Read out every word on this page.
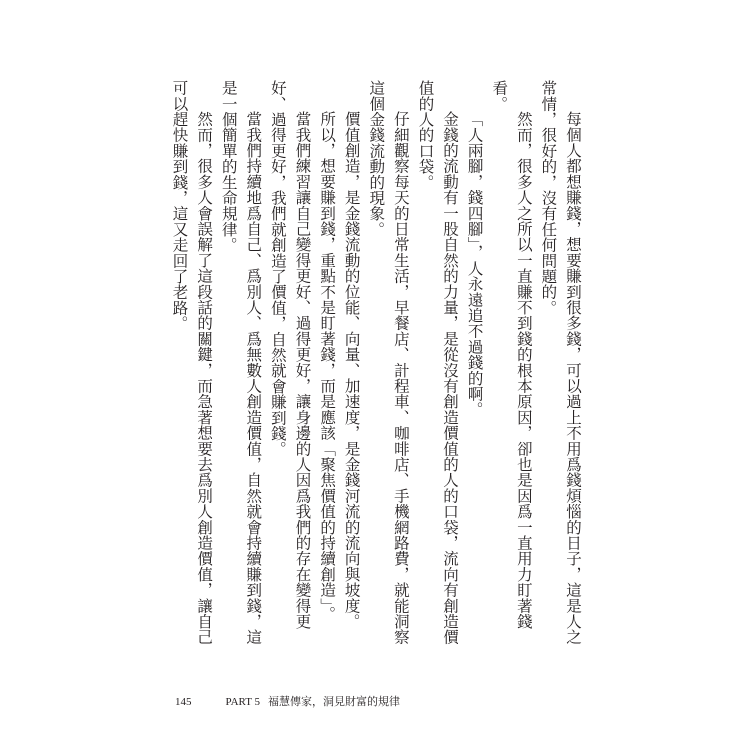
每個人都想賺錢，想要賺到很多錢，可以過上不用爲錢煩惱的日子，這是人之常情，很好的，沒有任何問題的。

然而，很多人之所以一直賺不到錢的根本原因，卻也是因爲一直用力盯著錢看。

「人兩腳，錢四腳」，人永遠追不過錢的啊。

金錢的流動有一股自然的力量，是從沒有創造價值的人的口袋，流向有創造價值的人的口袋。

仔細觀察每天的日常生活，早餐店、計程車、咖啡店、手機網路費，就能洞察這個金錢流動的現象。

價值創造，是金錢流動的位能、向量、加速度，是金錢河流的流向與坡度。

所以，想要賺到錢，重點不是盯著錢，而是應該「聚焦價值的持續創造」。

當我們練習讓自己變得更好、過得更好，讓身邊的人因爲我們的存在變得更好、過得更好，我們就創造了價值，自然就會賺到錢。

當我們持續地爲自己、爲別人、爲無數人創造價值，自然就會持續賺到錢，這是一個簡單的生命規律。

然而，很多人會誤解了這段話的關鍵，而急著想要去爲別人創造價值，讓自己可以趕快賺到錢，這又走回了老路。

145	PART 5 福慧傳家，洞見財富的規律
